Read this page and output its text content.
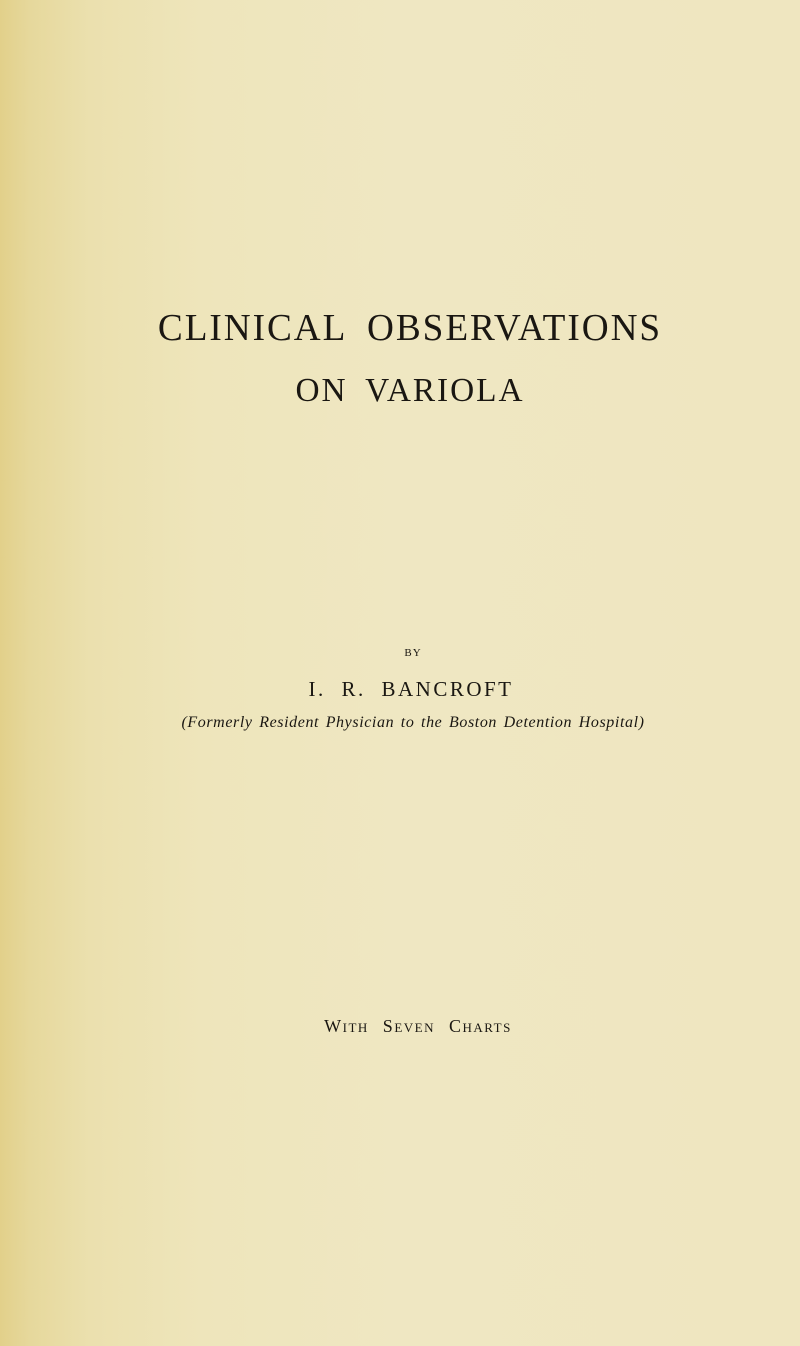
CLINICAL OBSERVATIONS
ON VARIOLA
BY
I. R. BANCROFT
(Formerly Resident Physician to the Boston Detention Hospital)
With Seven Charts
